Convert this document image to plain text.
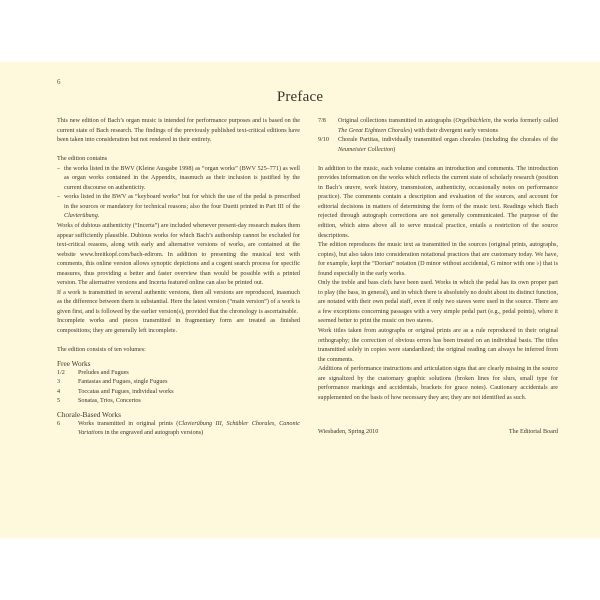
6
Preface

This new edition of Bach’s organ music is intended for performance purposes and is based on the current state of Bach research. The findings of the previously published text-critical editions have been taken into consideration but not rendered in their entirety.

The edition contains

– the works listed in the BWV (Kleine Ausgabe 1998) as “organ works” (BWV 525–771) as well as organ works contained in the Appendix, inasmuch as their inclusion is justified by the current discourse on authenticity.
– works listed in the BWV as “keyboard works” but for which the use of the pedal is prescribed in the sources or mandatory for technical reasons; also the four Duetti printed in Part III of the Clavierübung.

Works of dubious authenticity (“Incerta”) are included whenever present-day research makes them appear sufficiently plausible. Dubious works for which Bach’s authorship cannot be excluded for text-critical reasons, along with early and alternative versions of works, are contained at the website www.breitkopf.com/bach-edirom. In addition to presenting the musical text with comments, this online version allows synoptic depictions and a cogent search process for specific measures, thus providing a better and faster overview than would be possible with a printed version. The alternative versions and Incerta featured online can also be printed out.

If a work is transmitted in several authentic versions, then all versions are reproduced, inasmuch as the difference between them is substantial. Here the latest version (“main version”) of a work is given first, and is followed by the earlier version(s), provided that the chronology is ascertainable.

Incomplete works and pieces transmitted in fragmentary form are treated as finished compositions; they are generally left incomplete.

The edition consists of ten volumes:

Free Works
1/2	Preludes and Fugues
3	Fantasias and Fugues, single Fugues
4	Toccatas and Fugues, individual works
5	Sonatas, Trios, Concertos
Chorale-Based Works
6	Works transmitted in original prints (Clavierübung III, Schübler Chorales, Canonic Variations in the engraved and autograph versions)
7/8	Original collections transmitted in autographs (Orgelbüchlein, the works formerly called The Great Eighteen Chorales) with their divergent early versions
9/10	Chorale Partitas, individually transmitted organ chorales (including the chorales of the Neumeister Collection)

In addition to the music, each volume contains an introduction and comments. The introduction provides information on the works which reflects the current state of scholarly research (position in Bach’s œuvre, work history, transmission, authenticity, occasionally notes on performance practice). The comments contain a description and evaluation of the sources, and account for editorial decisions in matters of determining the form of the music text. Readings which Bach rejected through autograph corrections are not generally communicated. The purpose of the edition, which aims above all to serve musical practice, entails a restriction of the source descriptions.

The edition reproduces the music text as transmitted in the sources (original prints, autographs, copies), but also takes into consideration notational practices that are customary today. We have, for example, kept the “Dorian” notation (D minor without accidental, G minor with one ♭) that is found especially in the early works.

Only the treble and bass clefs have been used. Works in which the pedal has its own proper part to play (the bass, in general), and in which there is absolutely no doubt about its distinct function, are notated with their own pedal staff, even if only two staves were used in the source. There are a few exceptions concerning passages with a very simple pedal part (e.g., pedal points), where it seemed better to print the music on two staves.

Work titles taken from autographs or original prints are as a rule reproduced in their original orthography; the correction of obvious errors has been treated on an individual basis. The titles transmitted solely in copies were standardized; the original reading can always be inferred from the comments.

Additions of performance instructions and articulation signs that are clearly missing in the source are signalized by the customary graphic solutions (broken lines for slurs, small type for performance markings and accidentals, brackets for grace notes). Cautionary accidentals are supplemented on the basis of how necessary they are; they are not identified as such.

Wiesbaden, Spring 2010	The Editorial Board
